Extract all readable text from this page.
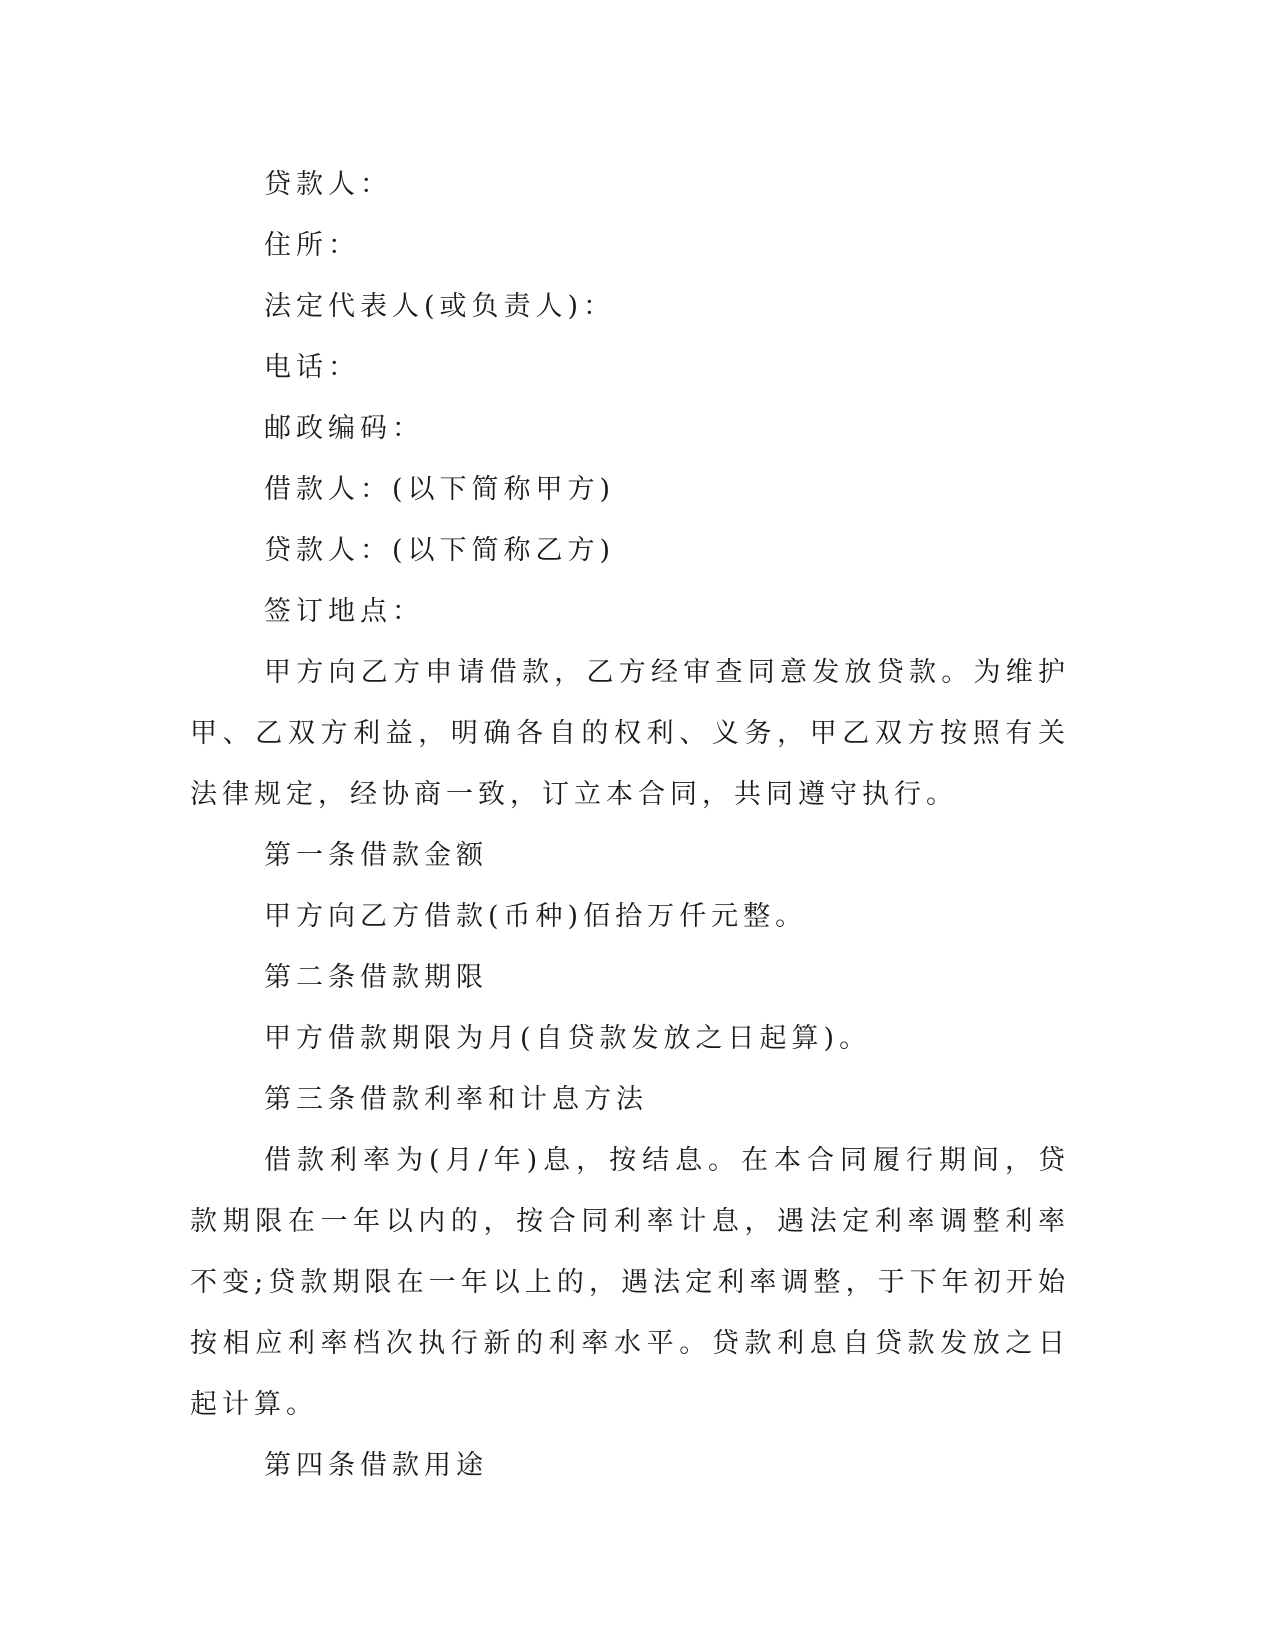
贷款人：

住所：

法定代表人(或负责人)：

电话：

邮政编码：

借款人：(以下简称甲方)

贷款人：(以下简称乙方)

签订地点：

甲方向乙方申请借款，乙方经审查同意发放贷款。为维护甲、乙双方利益，明确各自的权利、义务，甲乙双方按照有关法律规定，经协商一致，订立本合同，共同遵守执行。

第一条借款金额

甲方向乙方借款(币种)佰拾万仟元整。

第二条借款期限

甲方借款期限为月(自贷款发放之日起算)。

第三条借款利率和计息方法

借款利率为(月/年)息，按结息。在本合同履行期间，贷款期限在一年以内的，按合同利率计息，遇法定利率调整利率不变;贷款期限在一年以上的，遇法定利率调整，于下年初开始按相应利率档次执行新的利率水平。贷款利息自贷款发放之日起计算。

第四条借款用途
